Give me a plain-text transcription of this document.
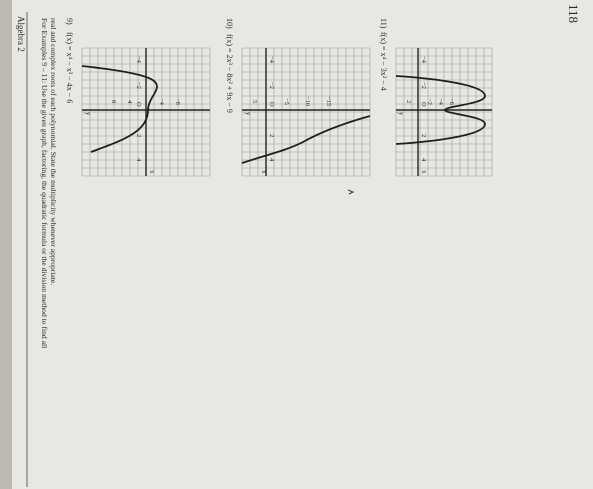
Algebra 2 For Examples 9 – 11: Use the given graph, factoring, the quadratic formula or the division method to find all real and complex roots of each polynomial. State the multiplicity whenever appropriate. 9)
f(x) = x⁴ − x³ − 4x − 6
y
x
−4
−2
O
2
4
8 4	−4 −8
10)
f(x) = 2x³ − 8x² + 9x − 9
y
x
−4
−2
O
2
4
5	−5 −10 −15
11)
f(x) = x⁴ − 3x² − 4
y
x
−4
−2
O
2
4
2 −2 −4 −6
118
